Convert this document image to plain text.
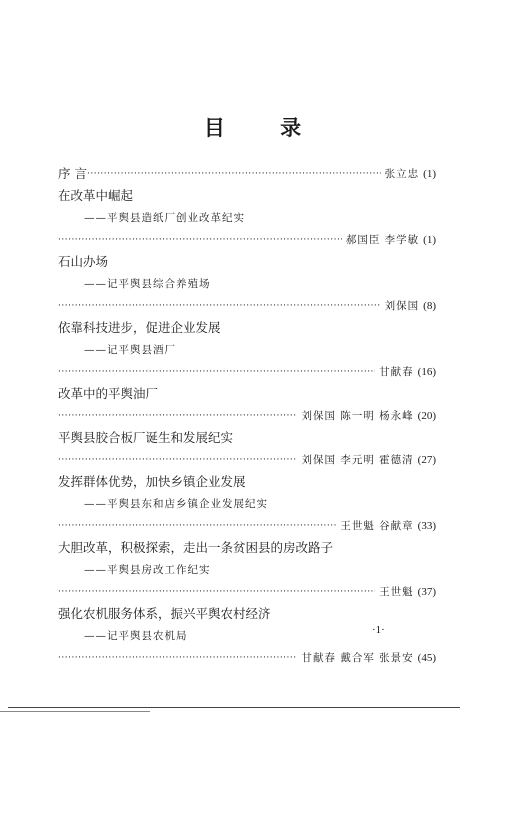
目 录
序 言
·····	张立忠 (1)
在改革中崛起
——平舆县造纸厂创业改革纪实
·····
郝国臣 李学敏 (1)
石山办场
——记平舆县综合养殖场
·····
刘保国 (8)
依靠科技进步，促进企业发展
——记平舆县酒厂
·····
甘献春 (16)
改革中的平舆油厂
·····
刘保国 陈一明 杨永峰 (20)
平舆县胶合板厂诞生和发展纪实
·····
刘保国 李元明 霍德清 (27)
发挥群体优势，加快乡镇企业发展
——平舆县东和店乡镇企业发展纪实
·····
王世魁 谷献章 (33)
大胆改革，积极探索，走出一条贫困县的房改路子
——平舆县房改工作纪实
·····
王世魁 (37)
强化农机服务体系，振兴平舆农村经济
——记平舆县农机局
·····
甘献春 戴合军 张景安 (45)
·1·
